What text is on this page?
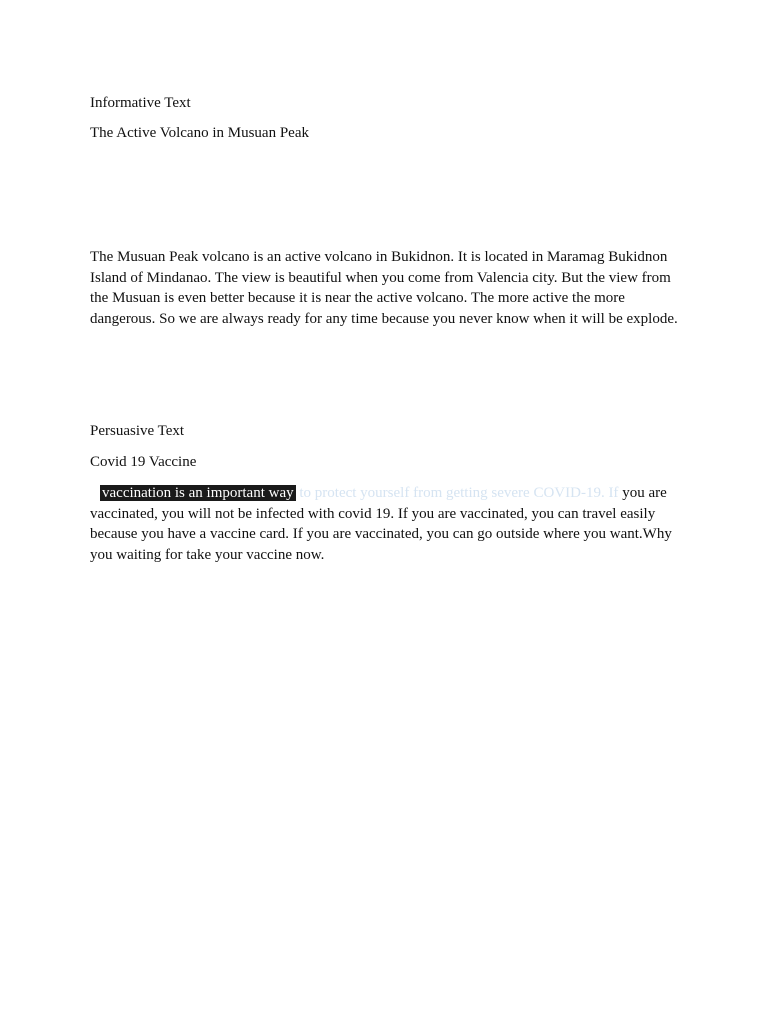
Informative Text
The Active Volcano in Musuan Peak

The Musuan Peak volcano is an active volcano in Bukidnon. It is located in Maramag Bukidnon Island of Mindanao. The view is beautiful when you come from Valencia city. But the view from the Musuan is even better because it is near the active volcano. The more active the more dangerous. So we are always ready for any time because you never know when it will be explode.

Persuasive Text
Covid 19 Vaccine

vaccination is an important way to protect yourself from getting severe COVID-19. If you are vaccinated, you will not be infected with covid 19. If you are vaccinated, you can travel easily because you have a vaccine card. If you are vaccinated, you can go outside where you want.Why you waiting for take your vaccine now.
